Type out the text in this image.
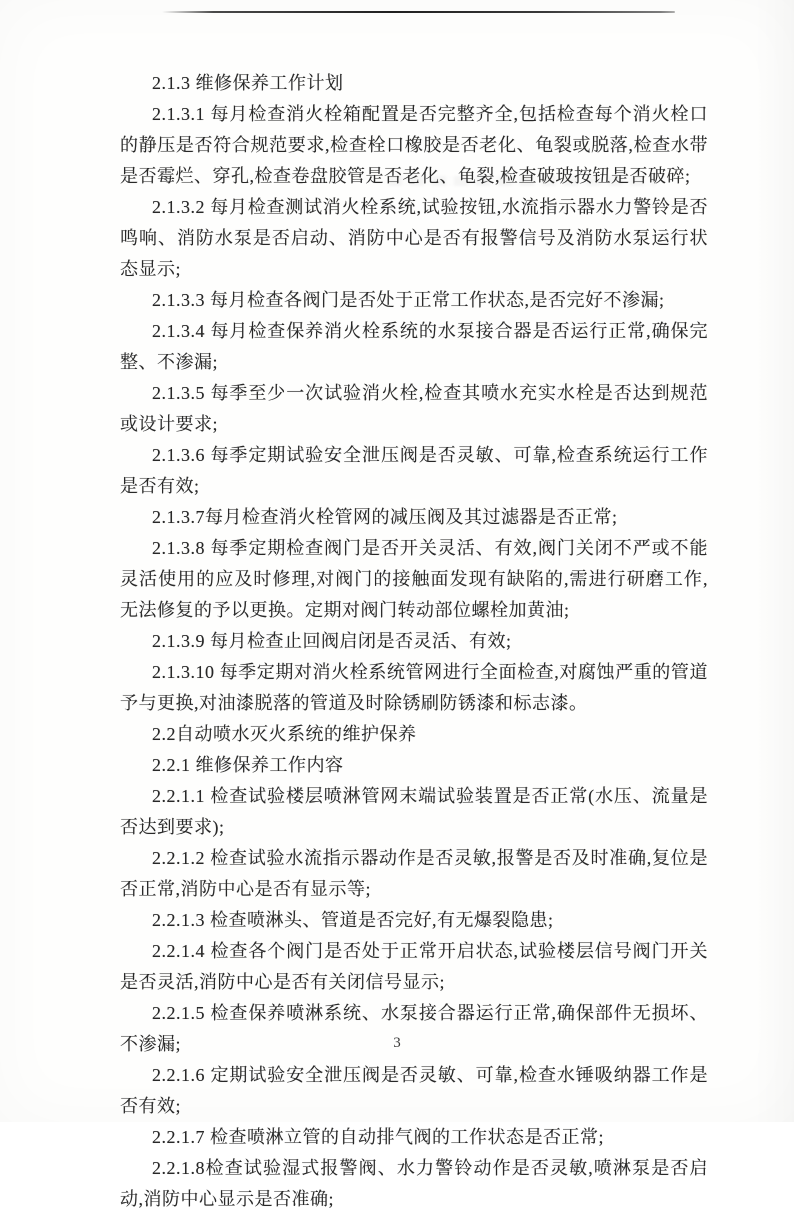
2.1.3 维修保养工作计划

2.1.3.1 每月检查消火栓箱配置是否完整齐全,包括检查每个消火栓口的静压是否符合规范要求,检查栓口橡胶是否老化、龟裂或脱落,检查水带是否霉烂、穿孔,检查卷盘胶管是否老化、龟裂,检查破玻按钮是否破碎;

2.1.3.2 每月检查测试消火栓系统,试验按钮,水流指示器水力警铃是否鸣响、消防水泵是否启动、消防中心是否有报警信号及消防水泵运行状态显示;

2.1.3.3 每月检查各阀门是否处于正常工作状态,是否完好不渗漏;

2.1.3.4 每月检查保养消火栓系统的水泵接合器是否运行正常,确保完整、不渗漏;

2.1.3.5 每季至少一次试验消火栓,检查其喷水充实水栓是否达到规范或设计要求;

2.1.3.6 每季定期试验安全泄压阀是否灵敏、可靠,检查系统运行工作是否有效;

2.1.3.7每月检查消火栓管网的减压阀及其过滤器是否正常;

2.1.3.8 每季定期检查阀门是否开关灵活、有效,阀门关闭不严或不能灵活使用的应及时修理,对阀门的接触面发现有缺陷的,需进行研磨工作,无法修复的予以更换。定期对阀门转动部位螺栓加黄油;

2.1.3.9 每月检查止回阀启闭是否灵活、有效;

2.1.3.10 每季定期对消火栓系统管网进行全面检查,对腐蚀严重的管道予与更换,对油漆脱落的管道及时除锈刷防锈漆和标志漆。

2.2自动喷水灭火系统的维护保养

2.2.1 维修保养工作内容

2.2.1.1 检查试验楼层喷淋管网末端试验装置是否正常(水压、流量是否达到要求);

2.2.1.2 检查试验水流指示器动作是否灵敏,报警是否及时准确,复位是否正常,消防中心是否有显示等;

2.2.1.3 检查喷淋头、管道是否完好,有无爆裂隐患;

2.2.1.4 检查各个阀门是否处于正常开启状态,试验楼层信号阀门开关是否灵活,消防中心是否有关闭信号显示;

2.2.1.5 检查保养喷淋系统、水泵接合器运行正常,确保部件无损坏、不渗漏;

2.2.1.6 定期试验安全泄压阀是否灵敏、可靠,检查水锤吸纳器工作是否有效;

2.2.1.7 检查喷淋立管的自动排气阀的工作状态是否正常;

2.2.1.8检查试验湿式报警阀、水力警铃动作是否灵敏,喷淋泵是否启动,消防中心显示是否准确;

3
